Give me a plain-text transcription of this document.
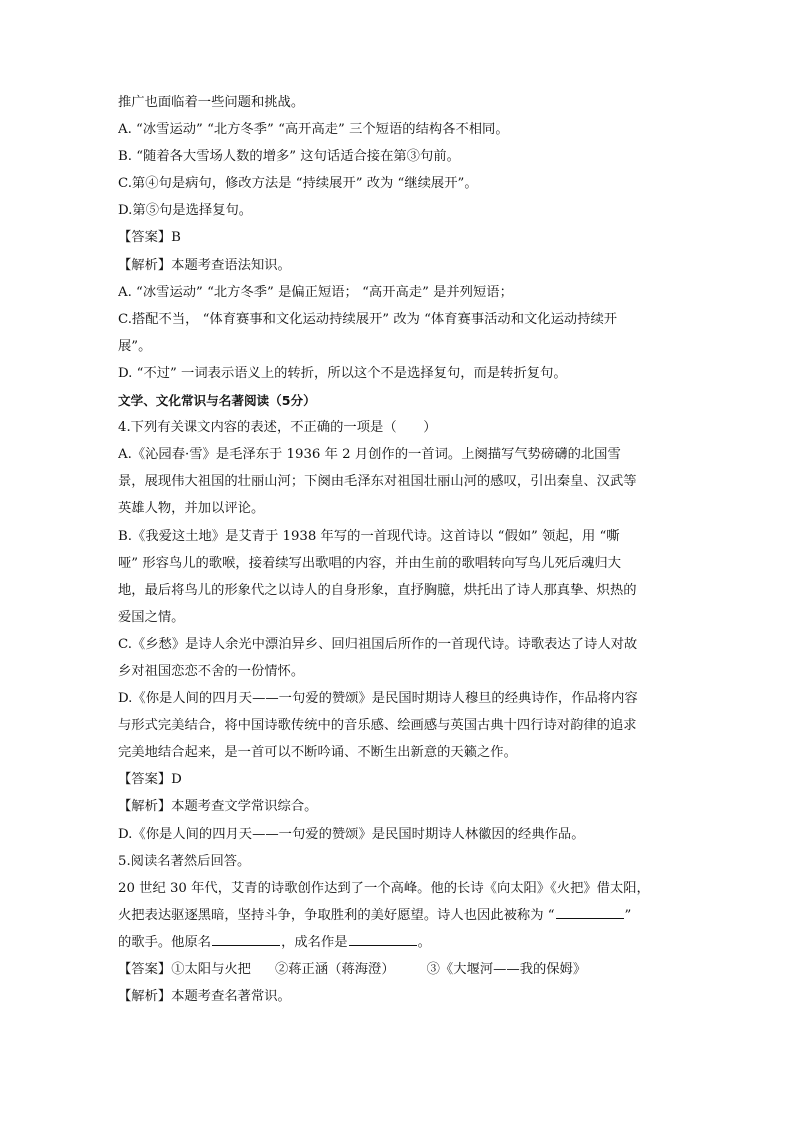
推广也面临着一些问题和挑战。
A. “冰雪运动” “北方冬季” “高开高走” 三个短语的结构各不相同。
B. “随着各大雪场人数的增多” 这句话适合接在第③句前。
C.第④句是病句，修改方法是 “持续展开” 改为 “继续展开”。
D.第⑤句是选择复句。
【答案】B
【解析】本题考查语法知识。
A. “冰雪运动” “北方冬季” 是偏正短语； “高开高走” 是并列短语；
C.搭配不当， “体育赛事和文化运动持续展开” 改为 “体育赛事活动和文化运动持续开
展”。
D. “不过” 一词表示语义上的转折，所以这个不是选择复句，而是转折复句。
文学、文化常识与名著阅读（5分）
4.下列有关课文内容的表述，不正确的一项是（　　）
A.《沁园春·雪》是毛泽东于 1936 年 2 月创作的一首词。上阕描写气势磅礴的北国雪
景，展现伟大祖国的壮丽山河；下阕由毛泽东对祖国壮丽山河的感叹，引出秦皇、汉武等
英雄人物，并加以评论。
B.《我爱这土地》是艾青于 1938 年写的一首现代诗。这首诗以 “假如” 领起，用 “嘶
哑” 形容鸟儿的歌喉，接着续写出歌唱的内容，并由生前的歌唱转向写鸟儿死后魂归大
地，最后将鸟儿的形象代之以诗人的自身形象，直抒胸臆，烘托出了诗人那真挚、炽热的
爱国之情。
C.《乡愁》是诗人余光中漂泊异乡、回归祖国后所作的一首现代诗。诗歌表达了诗人对故
乡对祖国恋恋不舍的一份情怀。
D.《你是人间的四月天——一句爱的赞颂》是民国时期诗人穆旦的经典诗作，作品将内容
与形式完美结合，将中国诗歌传统中的音乐感、绘画感与英国古典十四行诗对韵律的追求
完美地结合起来，是一首可以不断吟诵、不断生出新意的天籁之作。
【答案】D
【解析】本题考查文学常识综合。
D.《你是人间的四月天——一句爱的赞颂》是民国时期诗人林徽因的经典作品。
5.阅读名著然后回答。
20 世纪 30 年代，艾青的诗歌创作达到了一个高峰。他的长诗《向太阳》《火把》借太阳，
火把表达驱逐黑暗，坚持斗争，争取胜利的美好愿望。诗人也因此被称为 “	”
的歌手。他原名	，成名作是	。
【答案】①太阳与火把 ②蒋正涵（蒋海澄） ③《大堰河——我的保姆》
【解析】本题考查名著常识。
